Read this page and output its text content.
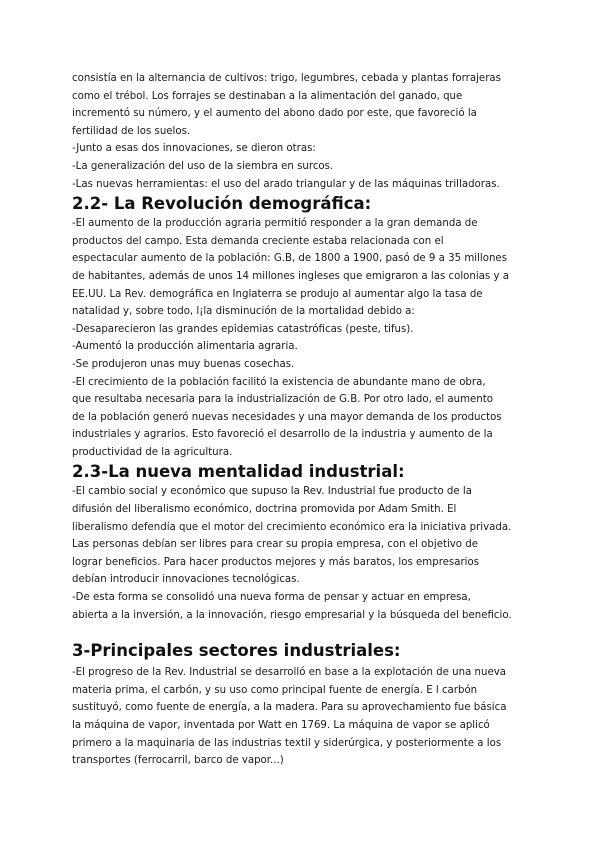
consistía en la alternancia de cultivos: trigo, legumbres, cebada y plantas forrajeras

como el trébol. Los forrajes se destinaban a la alimentación del ganado, que

incrementó su número, y el aumento del abono dado por este, que favoreció la

fertilidad de los suelos.

-Junto a esas dos innovaciones, se dieron otras:

-La generalización del uso de la siembra en surcos.

-Las nuevas herramientas: el uso del arado triangular y de las máquinas trilladoras.

2.2- La Revolución demográfica:

-El aumento de la producción agraria permitió responder a la gran demanda de

productos del campo. Esta demanda creciente estaba relacionada con el

espectacular aumento de la población: G.B, de 1800 a 1900, pasó de 9 a 35 millones

de habitantes, además de unos 14 millones ingleses que emigraron a las colonias y a

EE.UU. La Rev. demográfica en Inglaterra se produjo al aumentar algo la tasa de

natalidad y, sobre todo, l¡la disminución de la mortalidad debido a:

-Desaparecieron las grandes epidemias catastróficas (peste, tifus).

-Aumentó la producción alimentaria agraria.

-Se produjeron unas muy buenas cosechas.

-El crecimiento de la población facilitó la existencia de abundante mano de obra,

que resultaba necesaria para la industrialización de G.B. Por otro lado, el aumento

de la población generó nuevas necesidades y una mayor demanda de los productos

industriales y agrarios. Esto favoreció el desarrollo de la industria y aumento de la

productividad de la agricultura.

2.3-La nueva mentalidad industrial:

-El cambio social y económico que supuso la Rev. Industrial fue producto de la

difusión del liberalismo económico, doctrina promovida por Adam Smith. El

liberalismo defendía que el motor del crecimiento económico era la iniciativa privada.

Las personas debían ser libres para crear su propia empresa, con el objetivo de

lograr beneficios. Para hacer productos mejores y más baratos, los empresarios

debían introducir innovaciones tecnológicas.

-De esta forma se consolidó una nueva forma de pensar y actuar en empresa,

abierta a la inversión, a la innovación, riesgo empresarial y la búsqueda del beneficio.

3-Principales sectores industriales:

-El progreso de la Rev. Industrial se desarrolló en base a la explotación de una nueva

materia prima, el carbón, y su uso como principal fuente de energía. E l carbón

sustituyó, como fuente de energía, a la madera. Para su aprovechamiento fue básica

la máquina de vapor, inventada por Watt en 1769. La máquina de vapor se aplicó

primero a la maquinaria de las industrias textil y siderúrgica, y posteriormente a los

transportes (ferrocarril, barco de vapor...)
